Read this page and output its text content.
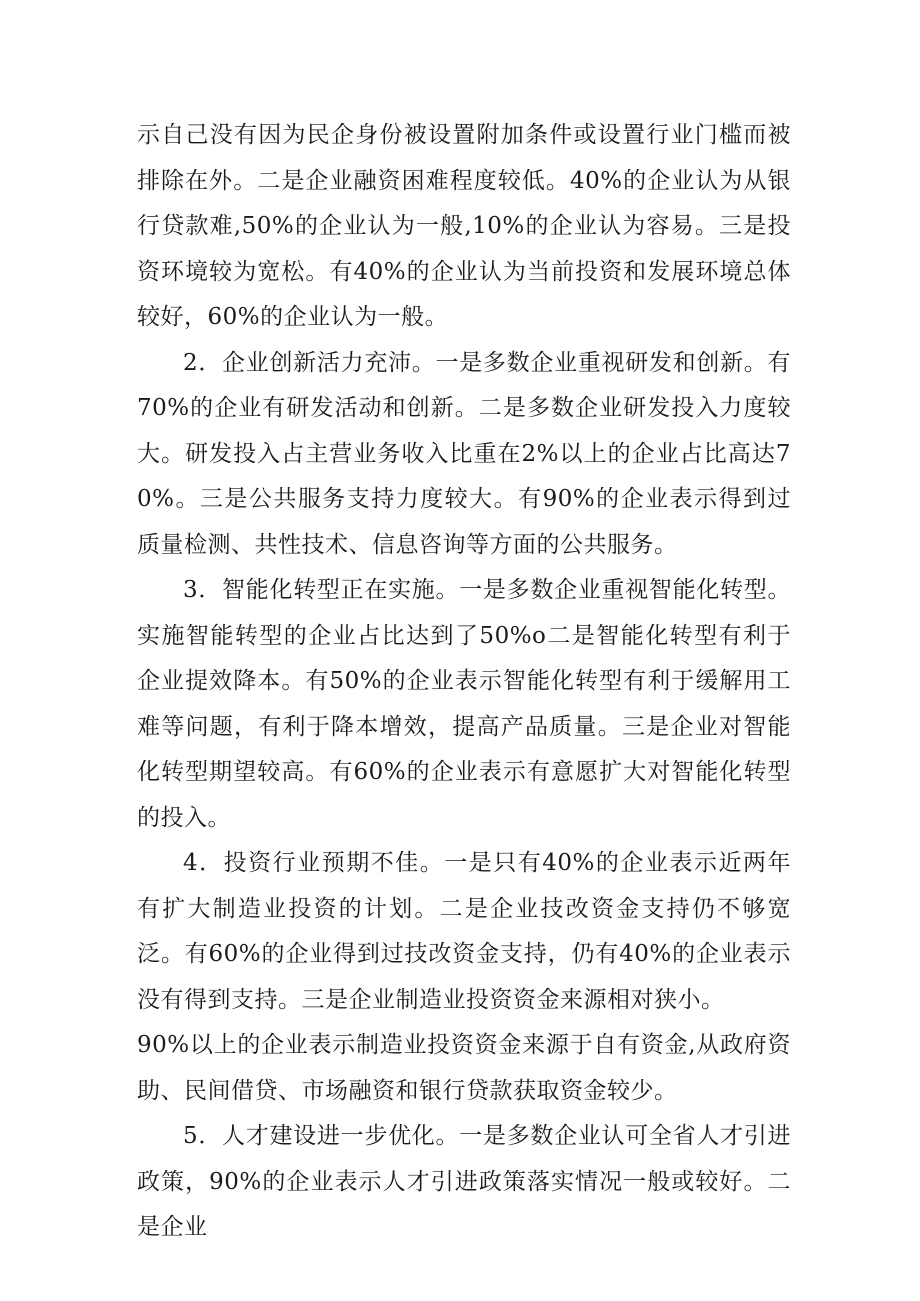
示自己没有因为民企身份被设置附加条件或设置行业门槛而被排除在外。二是企业融资困难程度较低。40%的企业认为从银行贷款难,50%的企业认为一般,10%的企业认为容易。三是投资环境较为宽松。有40%的企业认为当前投资和发展环境总体较好，60%的企业认为一般。

2．企业创新活力充沛。一是多数企业重视研发和创新。有70%的企业有研发活动和创新。二是多数企业研发投入力度较大。研发投入占主营业务收入比重在2%以上的企业占比高达70%。三是公共服务支持力度较大。有90%的企业表示得到过质量检测、共性技术、信息咨询等方面的公共服务。

3．智能化转型正在实施。一是多数企业重视智能化转型。实施智能转型的企业占比达到了50%o二是智能化转型有利于企业提效降本。有50%的企业表示智能化转型有利于缓解用工难等问题，有利于降本增效，提高产品质量。三是企业对智能化转型期望较高。有60%的企业表示有意愿扩大对智能化转型的投入。

4．投资行业预期不佳。一是只有40%的企业表示近两年有扩大制造业投资的计划。二是企业技改资金支持仍不够宽泛。有60%的企业得到过技改资金支持，仍有40%的企业表示没有得到支持。三是企业制造业投资资金来源相对狭小。

90%以上的企业表示制造业投资资金来源于自有资金,从政府资助、民间借贷、市场融资和银行贷款获取资金较少。

5．人才建设进一步优化。一是多数企业认可全省人才引进政策，90%的企业表示人才引进政策落实情况一般或较好。二是企业
